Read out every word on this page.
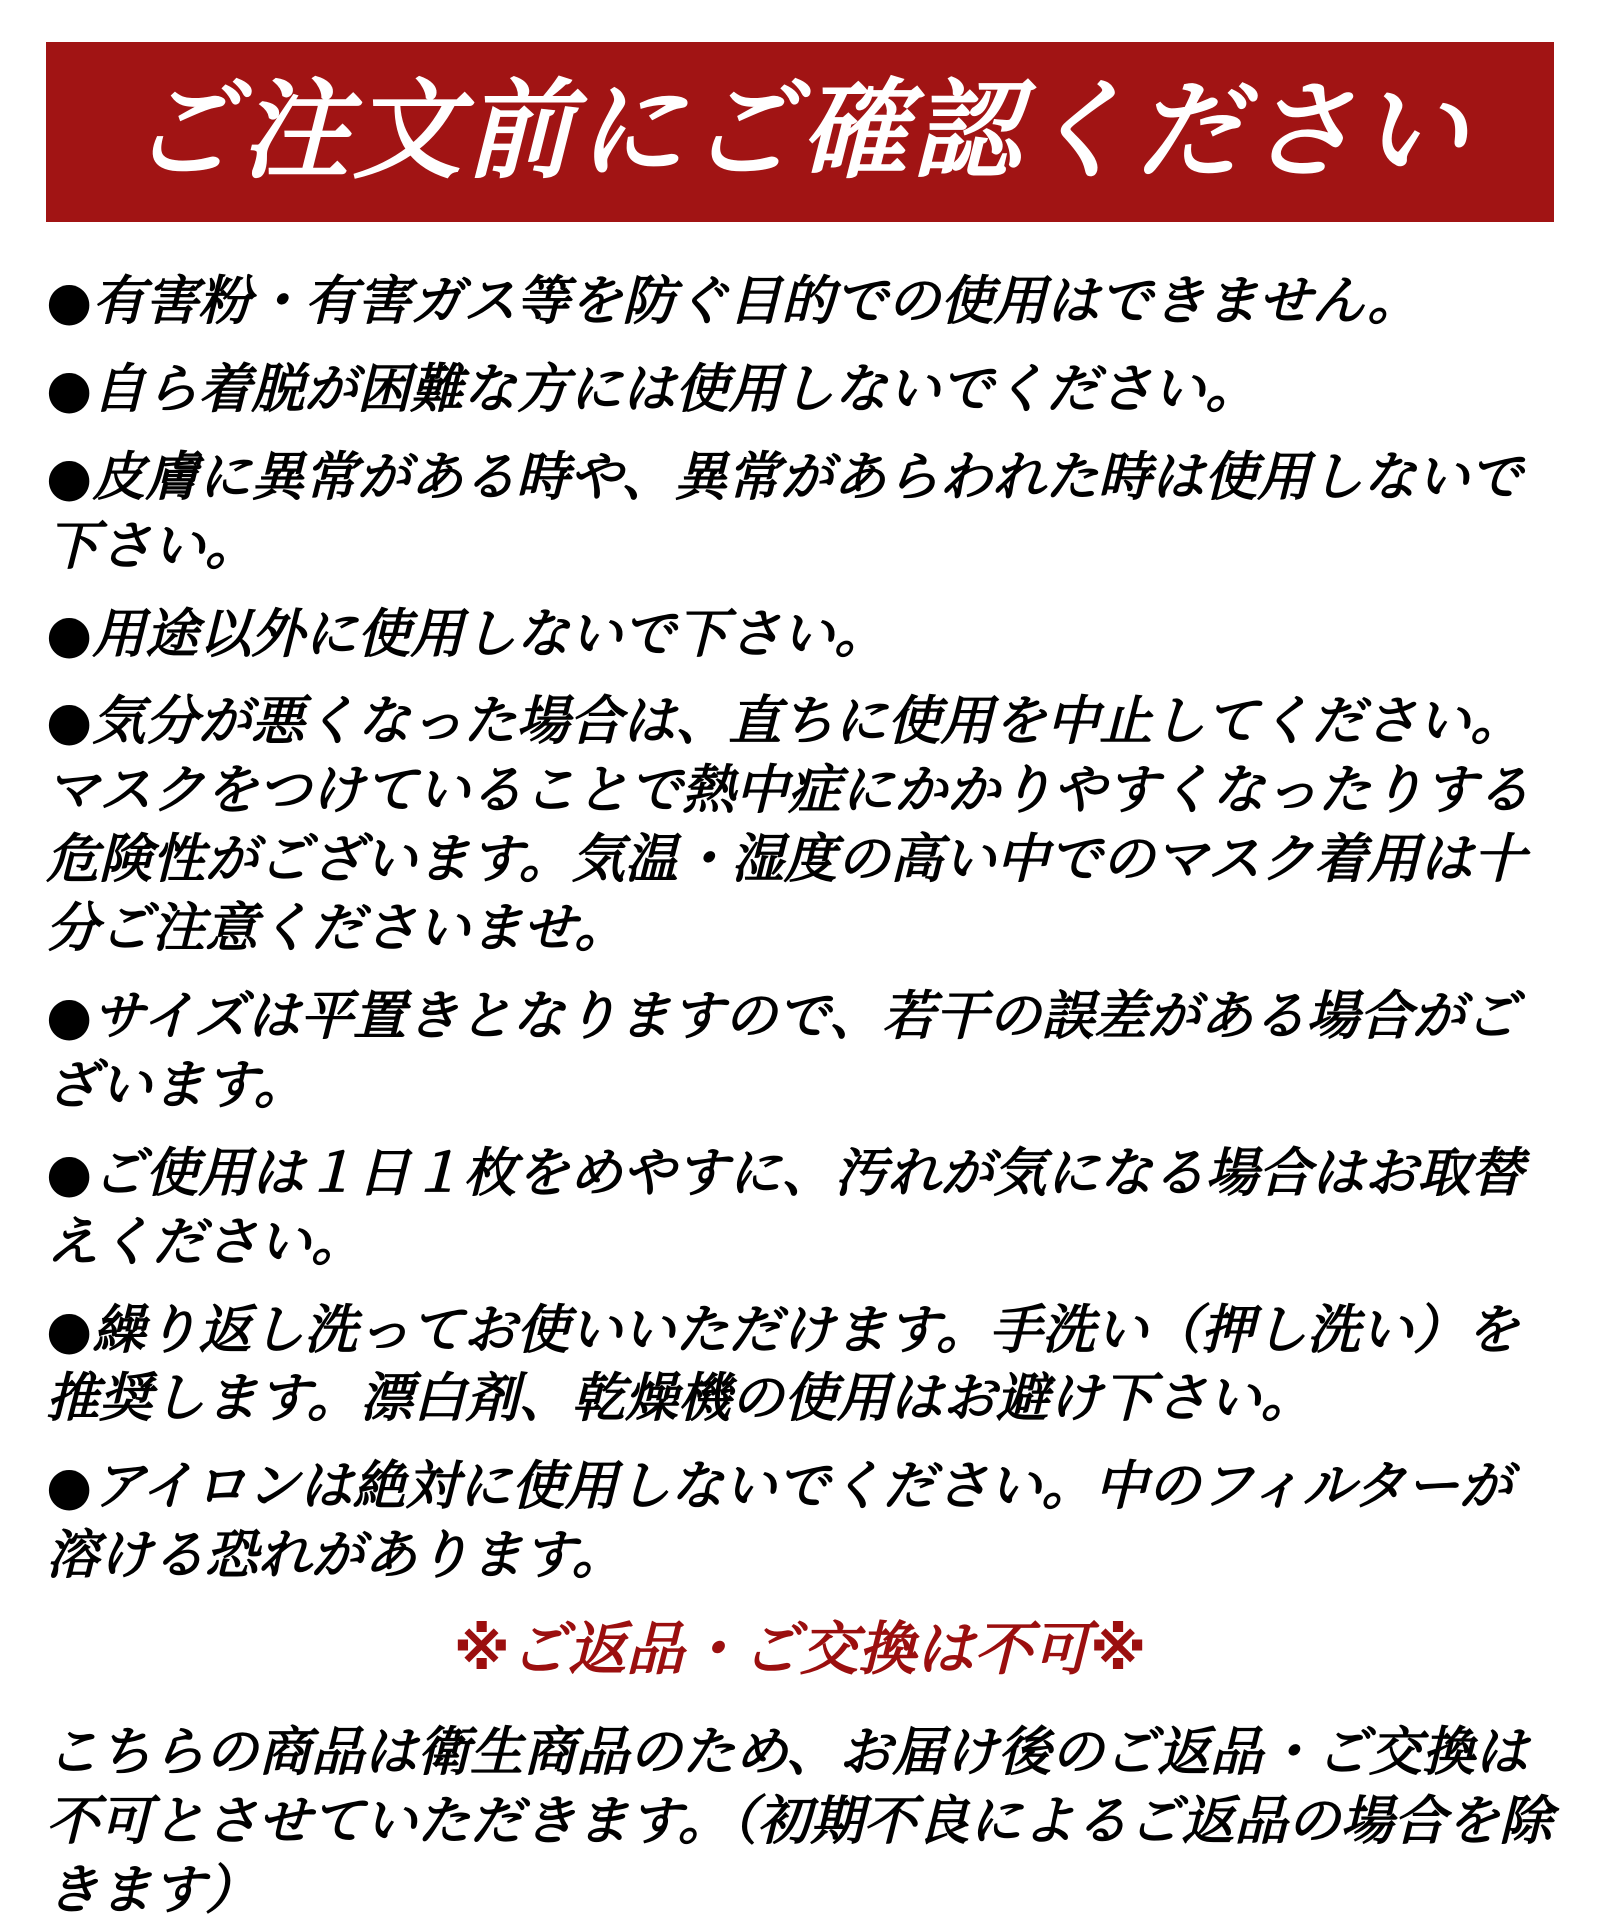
ご注文前にご確認ください

●有害粉・有害ガス等を防ぐ目的での使用はできません。

●自ら着脱が困難な方には使用しないでください。

●皮膚に異常がある時や、異常があらわれた時は使用しないで下さい。

●用途以外に使用しないで下さい。

●気分が悪くなった場合は、直ちに使用を中止してください。マスクをつけていることで熱中症にかかりやすくなったりする危険性がございます。気温・湿度の高い中でのマスク着用は十分ご注意くださいませ。

●サイズは平置きとなりますので、若干の誤差がある場合がございます。

●ご使用は１日１枚をめやすに、汚れが気になる場合はお取替えください。

●繰り返し洗ってお使いいただけます。手洗い（押し洗い）を推奨します。漂白剤、乾燥機の使用はお避け下さい。

●アイロンは絶対に使用しないでください。中のフィルターが溶ける恐れがあります。

※ご返品・ご交換は不可※

こちらの商品は衛生商品のため、お届け後のご返品・ご交換は不可とさせていただきます。（初期不良によるご返品の場合を除きます）
